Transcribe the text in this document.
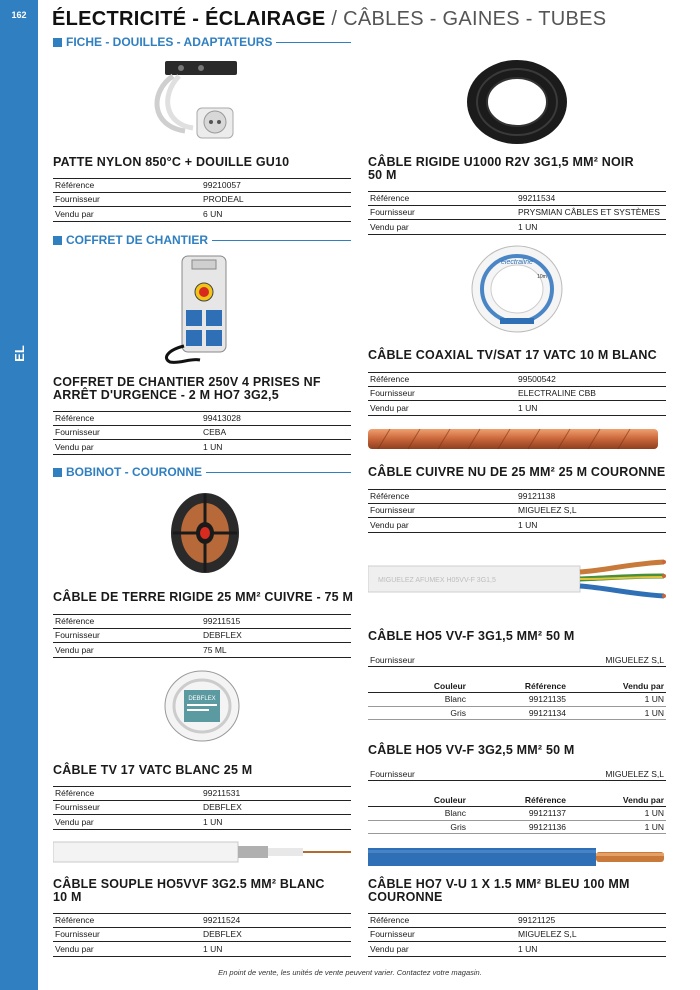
162
EL
ÉLECTRICITÉ - ÉCLAIRAGE / CÂBLES - GAINES - TUBES
FICHE - DOUILLES - ADAPTATEURS
PATTE NYLON 850°C + DOUILLE GU10
Référence	99210057
Fournisseur	PRODEAL
Vendu par	6 UN
COFFRET DE CHANTIER
COFFRET DE CHANTIER 250V 4 PRISES NF
ARRÊT D'URGENCE - 2 M HO7 3G2,5
Référence	99413028
Fournisseur	CEBA
Vendu par	1 UN
BOBINOT - COURONNE
CÂBLE DE TERRE RIGIDE 25 MM² CUIVRE - 75 M
Référence	99211515
Fournisseur	DEBFLEX
Vendu par	75 ML
DEBFLEX
CÂBLE TV 17 VATC BLANC 25 M
Référence	99211531
Fournisseur	DEBFLEX
Vendu par	1 UN
CÂBLE SOUPLE HO5VVF 3G2.5 MM² BLANC
10 M
Référence	99211524
Fournisseur	DEBFLEX
Vendu par	1 UN
CÂBLE RIGIDE U1000 R2V 3G1,5 MM² NOIR
50 M
Référence	99211534
Fournisseur	PRYSMIAN CÂBLES ET SYSTÈMES
Vendu par	1 UN
electraline
10m
CÂBLE COAXIAL TV/SAT 17 VATC 10 M BLANC
Référence	99500542
Fournisseur	ELECTRALINE CBB
Vendu par	1 UN
CÂBLE CUIVRE NU DE 25 MM² 25 M COURONNE
Référence	99121138
Fournisseur	MIGUELEZ S,L
Vendu par	1 UN
MIGUELEZ AFUMEX H05VV-F 3G1,5
CÂBLE HO5 VV-F 3G1,5 MM² 50 M
Fournisseur	MIGUELEZ S,L
Couleur	Référence	Vendu par
Blanc	99121135	1 UN
Gris	99121134	1 UN
CÂBLE HO5 VV-F 3G2,5 MM² 50 M
Fournisseur	MIGUELEZ S,L
Couleur	Référence	Vendu par
Blanc	99121137	1 UN
Gris	99121136	1 UN
CÂBLE HO7 V-U 1 X 1.5 MM² BLEU 100 MM
COURONNE
Référence	99121125
Fournisseur	MIGUELEZ S,L
Vendu par	1 UN
En point de vente, les unités de vente peuvent varier. Contactez votre magasin.
